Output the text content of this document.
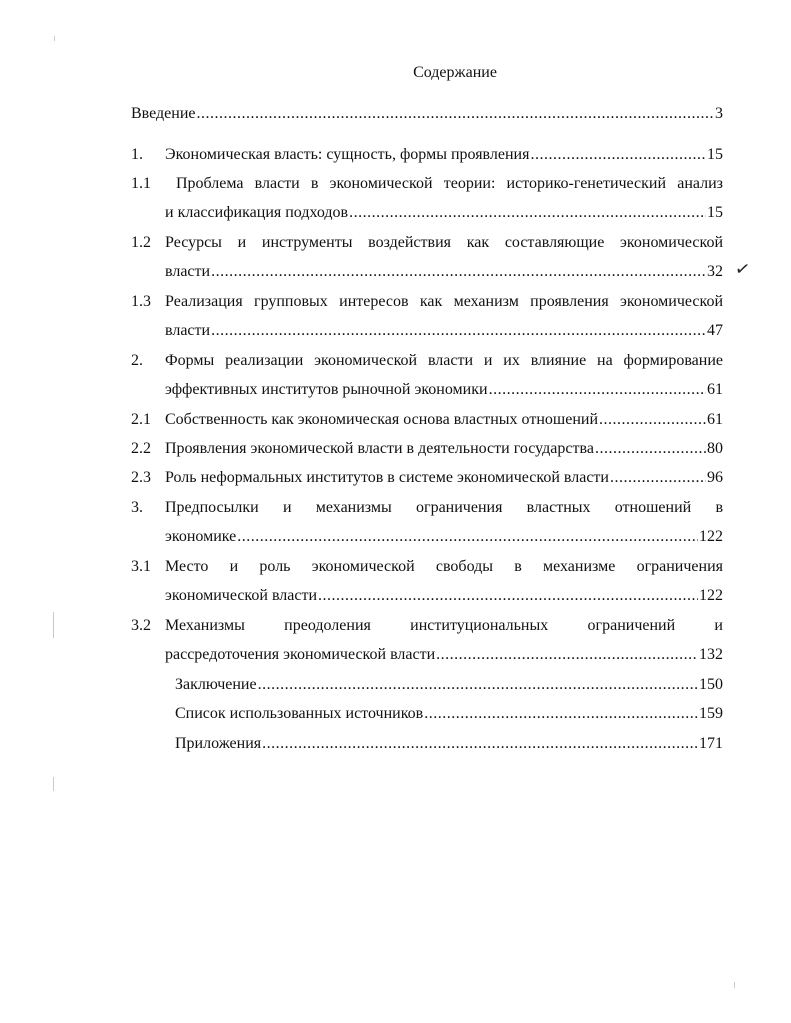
Содержание
Введение .....	3
1. Экономическая власть: сущность, формы проявления .....	15
1.1 Проблема власти в экономической теории: историко-генетический анализ
и классификация подходов .....	15
1.2 Ресурсы и инструменты воздействия как составляющие экономической
власти .....	32 ✓
1.3 Реализация групповых интересов как механизм проявления экономической
власти .....	47
2. Формы реализации экономической власти и их влияние на формирование
эффективных институтов рыночной экономики .....	61
2.1 Собственность как экономическая основа властных отношений .....	61
2.2 Проявления экономической власти в деятельности государства .....	80
2.3 Роль неформальных институтов в системе экономической власти .....	96
3. Предпосылки и механизмы ограничения властных отношений в
экономике .....	122
3.1 Место и роль экономической свободы в механизме ограничения
экономической власти .....	122
3.2 Механизмы преодоления институциональных ограничений и
рассредоточения экономической власти .....	132
Заключение .....	150
Список использованных источников .....	159
Приложения .....	171
